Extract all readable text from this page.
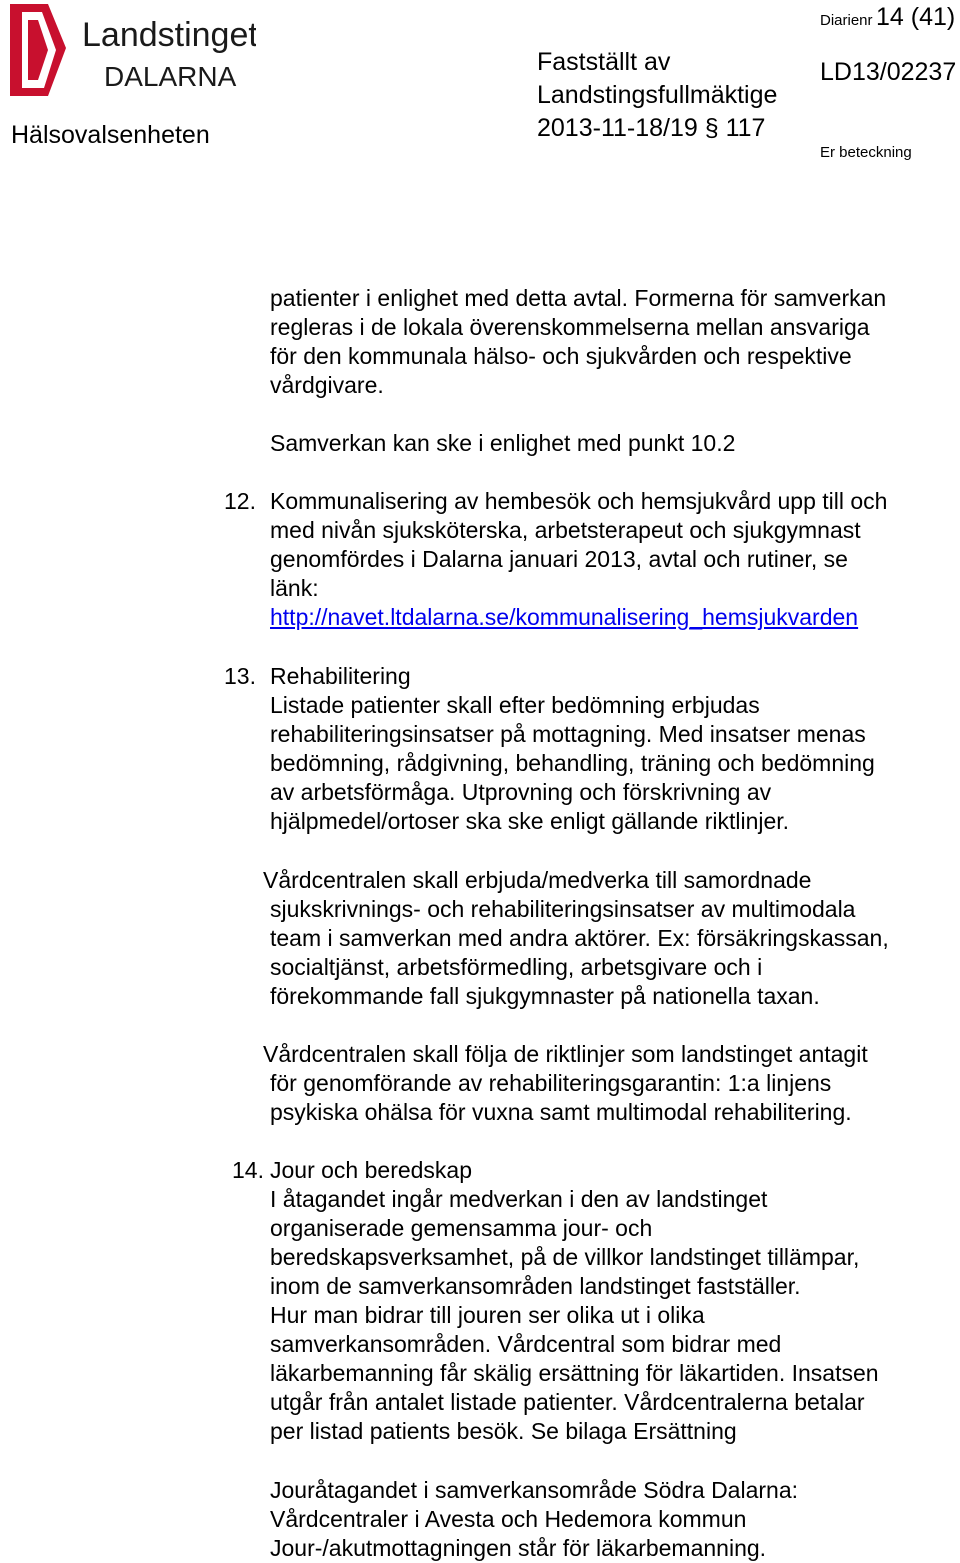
Landstinget
DALARNA
Hälsovalsenheten
Fastställt av
Landstingsfullmäktige
2013-11-18/19 § 117
Diarienr 14 (41)
LD13/02237
Er beteckning
patienter i enlighet med detta avtal. Formerna för samverkan
regleras i de lokala överenskommelserna mellan ansvariga
för den kommunala hälso- och sjukvården och respektive
vårdgivare.
Samverkan kan ske i enlighet med punkt 10.2
12. Kommunalisering av hembesök och hemsjukvård upp till och
med nivån sjuksköterska, arbetsterapeut och sjukgymnast
genomfördes i Dalarna januari 2013, avtal och rutiner, se
länk:
http://navet.ltdalarna.se/kommunalisering_hemsjukvarden
13. Rehabilitering
Listade patienter skall efter bedömning erbjudas
rehabiliteringsinsatser på mottagning. Med insatser menas
bedömning, rådgivning, behandling, träning och bedömning
av arbetsförmåga. Utprovning och förskrivning av
hjälpmedel/ortoser ska ske enligt gällande riktlinjer.
Vårdcentralen skall erbjuda/medverka till samordnade
sjukskrivnings- och rehabiliteringsinsatser av multimodala
team i samverkan med andra aktörer. Ex: försäkringskassan,
socialtjänst, arbetsförmedling, arbetsgivare och i
förekommande fall sjukgymnaster på nationella taxan.
Vårdcentralen skall följa de riktlinjer som landstinget antagit
för genomförande av rehabiliteringsgarantin: 1:a linjens
psykiska ohälsa för vuxna samt multimodal rehabilitering.
14. Jour och beredskap
I åtagandet ingår medverkan i den av landstinget
organiserade gemensamma jour- och
beredskapsverksamhet, på de villkor landstinget tillämpar,
inom de samverkansområden landstinget fastställer.
Hur man bidrar till jouren ser olika ut i olika
samverkansområden. Vårdcentral som bidrar med
läkarbemanning får skälig ersättning för läkartiden. Insatsen
utgår från antalet listade patienter. Vårdcentralerna betalar
per listad patients besök. Se bilaga Ersättning
Jouråtagandet i samverkansområde Södra Dalarna:
Vårdcentraler i Avesta och Hedemora kommun
Jour-/akutmottagningen står för läkarbemanning.
